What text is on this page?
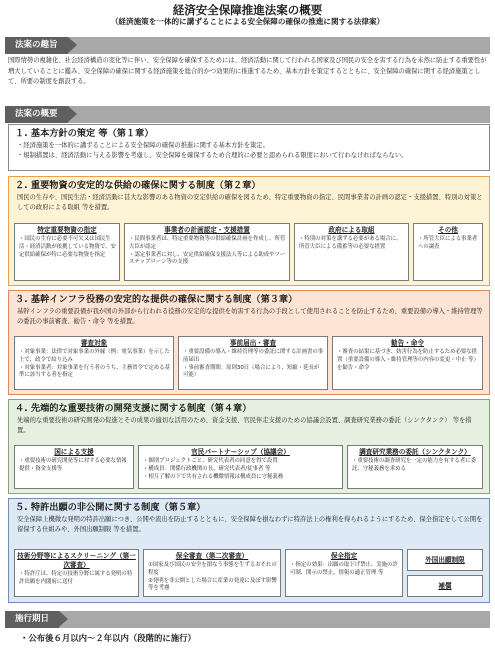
経済安全保障推進法案の概要
（経済施策を一体的に講ずることによる安全保障の確保の推進に関する法律案）
法案の趣旨
国際情勢の複雑化、社会経済構造の変化等に伴い、安全保障を確保するためには、経済活動に関して行われる国家及び国民の安全を害する行為を未然に防止する重要性が増大していることに鑑み、安全保障の確保に関する経済施策を総合的かつ効果的に推進するため、基本方針を策定するとともに、安全保障の確保に関する経済施策として、所要の制度を創設する。
法案の概要
１. 基本方針の策定 等（第１章）
・経済施策を一体的に講ずることによる安全保障の確保の推進に関する基本方針を策定。
・規制措置は、経済活動に与える影響を考慮し、安全保障を確保するため合理的に必要と認められる限度において行わなければならない。
２. 重要物資の安定的な供給の確保に関する制度（第２章）
国民の生存や、国民生活・経済活動に甚大な影響のある物資の安定供給の確保を図るため、特定重要物資の指定、民間事業者の計画の認定・支援措置、特別の対策としての政府による取組 等を措置。
特定重要物資の指定
・国民の生存に必要不可欠又は国民生活・経済活動が依拠している物資で、安定供給確保が特に必要な物資を指定
事業者の計画認定・支援措置
・民間事業者は、特定重要物資等の供給確保計画を作成し、所管大臣が認定
・認定事業者に対し、安定供給確保支援法人等による助成やツーステップローン等の支援
政府による取組
・特別の対策を講ずる必要がある場合に、所管大臣による備蓄等の必要な措置
その他
・所管大臣による事業者への調査
３. 基幹インフラ役務の安定的な提供の確保に関する制度（第３章）
基幹インフラの重要設備が我が国の外部から行われる役務の安定的な提供を妨害する行為の手段として使用されることを防止するため、重要設備の導入・維持管理等の委託の事前審査、勧告・命令 等を措置。
審査対象
・対象事業：法律で対象事業の外縁（例：電気事業）を示した上で、政令で絞り込み
・対象事業者：対象事業を行う者のうち、主務省令で定める基準に該当する者を指定
事前届出・審査
・重要設備の導入・維持管理等の委託に関する計画書の事前届出
・事前審査期間：原則30日（場合により、短縮・延長が可能）
勧告・命令
・審査の結果に基づき、妨害行為を防止するため必要な措置（重要設備の導入・維持管理等の内容の変更・中止 等）を勧告・命令
４. 先端的な重要技術の開発支援に関する制度（第４章）
先端的な重要技術の研究開発の促進とその成果の適切な活用のため、資金支援、官民伴走支援のための協議会設置、調査研究業務の委託（シンクタンク） 等を措置。
国による支援
・重要技術の研究開発等に対する必要な情報提供・資金支援等
官民パートナーシップ（協議会）
・個別プロジェクトごと、研究代表者の同意を得て設置
・構成員：関係行政機関の長、研究代表者/従事者 等
・相互了解の下で共有される機微情報は構成員に守秘義務
調査研究業務の委託（シンクタンク）
・重要技術の調査研究を一定の能力を有する者に委託、守秘義務を求める
５. 特許出願の非公開に関する制度（第５章）
安全保障上機微な発明の特許出願につき、公開や流出を防止するとともに、安全保障を損なわずに特許法上の権利を得られるようにするため、保全指定をして公開を留保する仕組みや、外国出願制限 等を措置。
技術分野等によるスクリーニング（第一次審査）
・特許庁は、特定の技術分野に属する発明の特許出願を内閣府に送付
保全審査（第二次審査）
①国家及び国民の安全を損なう事態を生ずるおそれの程度
②発明を非公開とした場合に産業の発達に及ぼす影響　等を考慮
保全指定
・指定の効果：出願の取下げ禁止、実施の許可制、開示の禁止、情報の適正管理 等
外国出願制限
補償
施行期日
・公布後６月以内～２年以内（段階的に施行）
